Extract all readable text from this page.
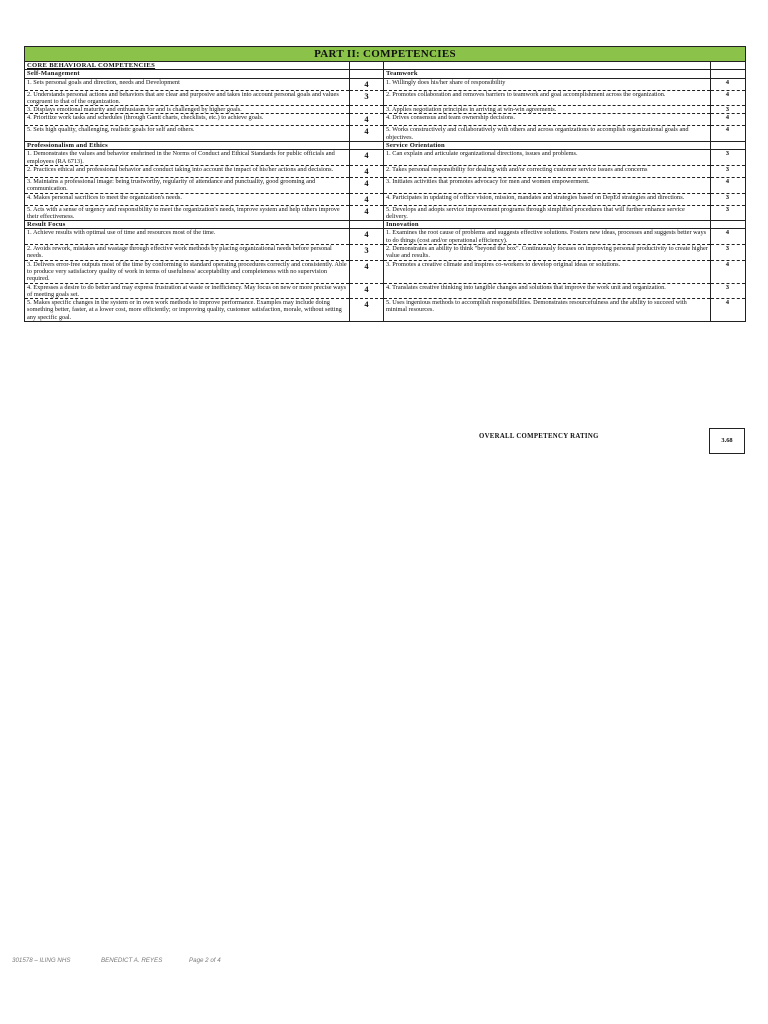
PART II: COMPETENCIES			
CORE BEHAVIORAL COMPETENCIES			
Self-Management		Teamwork	
1. Sets personal goals and direction, needs and Development	4	1. Willingly does his/her share of responsibility	4
2. Understands personal actions and behaviors that are clear and purposive and takes into account personal goals and values congruent to that of the organization.	3	2. Promotes collaboration and removes barriers to teamwork and goal accomplishment across the organization.	4
3. Displays emotional maturity and enthusiasm for and is challenged by higher goals.		3. Applies negotiation principles in arriving at win-win agreements.	3
4. Prioritize work tasks and schedules (through Gantt charts, checklists, etc.) to achieve goals.	4	4. Drives consensus and team ownership decisions.	4
5. Sets high quality, challenging, realistic goals for self and others.	4	5. Works constructively and collaboratively with others and across organizations to accomplish organizational goals and objectives.	4
Professionalism and Ethics		Service Orientation	
1. Demonstrates the values and behavior enshrined in the Norms of Conduct and Ethical Standards for public officials and employees (RA 6713).	4	1. Can explain and articulate organizational directions, issues and problems.	3
2. Practices ethical and professional behavior and conduct taking into account the impact of his/her actions and decisions.	4	2. Takes personal responsibility for dealing with and/or correcting customer service issues and concerns	3
3. Maintains a professional image: being trustworthy, regularity of attendance and punctuality, good grooming and communication.	4	3. Initiates activities that promotes advocacy for men and women empowerment.	4
4. Makes personal sacrifices to meet the organization's needs.	4	4. Participates in updating of office vision, mission, mandates and strategies based on DepEd strategies and directions.	3
5. Acts with a sense of urgency and responsibility to meet the organization's needs, improve system and help others improve their effectiveness.	4	5. Develops and adopts service improvement programs through simplified procedures that will further enhance service delivery.	3
Result Focus		Innovation	
1. Achieve results with optimal use of time and resources most of the time.	4	1. Examines the root cause of problems and suggests effective solutions. Fosters new ideas, processes and suggests better ways to do things (cost and/or operational efficiency).	4
2. Avoids rework, mistakes and wastage through effective work methods by placing organizational needs before personal needs.	3	2. Demonstrates an ability to think "beyond the box". Continuously focuses on improving personal productivity to create higher value and results.	3
3. Delivers error-free outputs most of the time by conforming to standard operating procedures correctly and consistently. Able to produce very satisfactory quality of work in terms of usefulness/ acceptability and completeness with no supervision required.	4	3. Promotes a creative climate and inspires co-workers to develop original ideas or solutions.	4
4. Expresses a desire to do better and may express frustration at waste or inefficiency. May focus on new or more precise ways of meeting goals set.	4	4. Translates creative thinking into tangible changes and solutions that improve the work unit and organization.	3
5. Makes specific changes in the system or in own work methods to improve performance. Examples may include doing something better, faster, at a lower cost, more efficiently; or improving quality, customer satisfaction, morale, without setting any specific goal.	4	5. Uses ingenious methods to accomplish responsibilities. Demonstrates resourcefulness and the ability to succeed with minimal resources.	4
OVERALL COMPETENCY RATING
3.68
301578 – ILING NHS	BENEDICT A. REYES	Page 2 of 4
